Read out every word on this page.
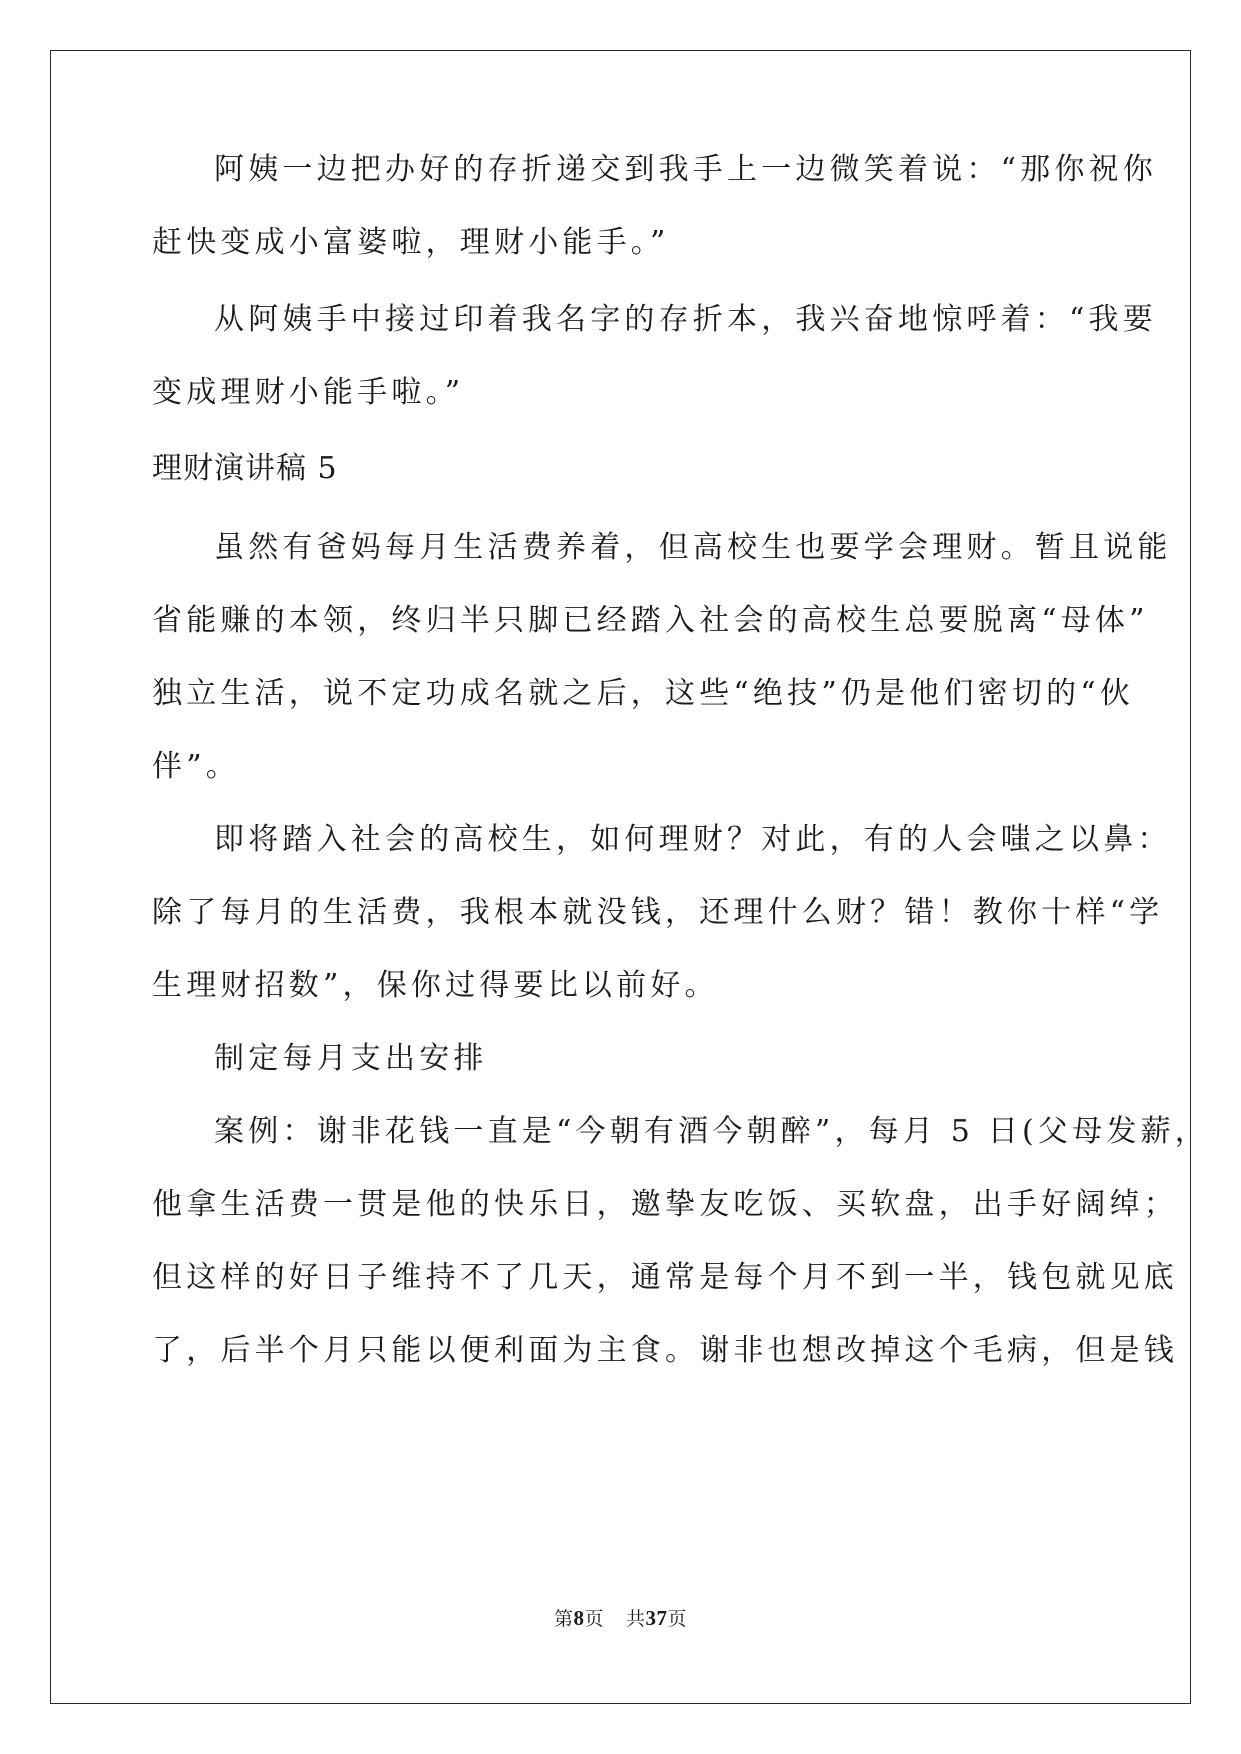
阿姨一边把办好的存折递交到我手上一边微笑着说：“那你祝你
赶快变成小富婆啦，理财小能手。”
从阿姨手中接过印着我名字的存折本，我兴奋地惊呼着：“我要
变成理财小能手啦。”
理财演讲稿 5
虽然有爸妈每月生活费养着，但高校生也要学会理财。暂且说能
省能赚的本领，终归半只脚已经踏入社会的高校生总要脱离“母体”
独立生活，说不定功成名就之后，这些“绝技”仍是他们密切的“伙
伴”。
即将踏入社会的高校生，如何理财？对此，有的人会嗤之以鼻：
除了每月的生活费，我根本就没钱，还理什么财？错！教你十样“学
生理财招数”，保你过得要比以前好。
制定每月支出安排
案例：谢非花钱一直是“今朝有酒今朝醉”，每月 5 日(父母发薪，
他拿生活费一贯是他的快乐日，邀挚友吃饭、买软盘，出手好阔绰；
但这样的好日子维持不了几天，通常是每个月不到一半，钱包就见底
了，后半个月只能以便利面为主食。谢非也想改掉这个毛病，但是钱
第8页 共37页
